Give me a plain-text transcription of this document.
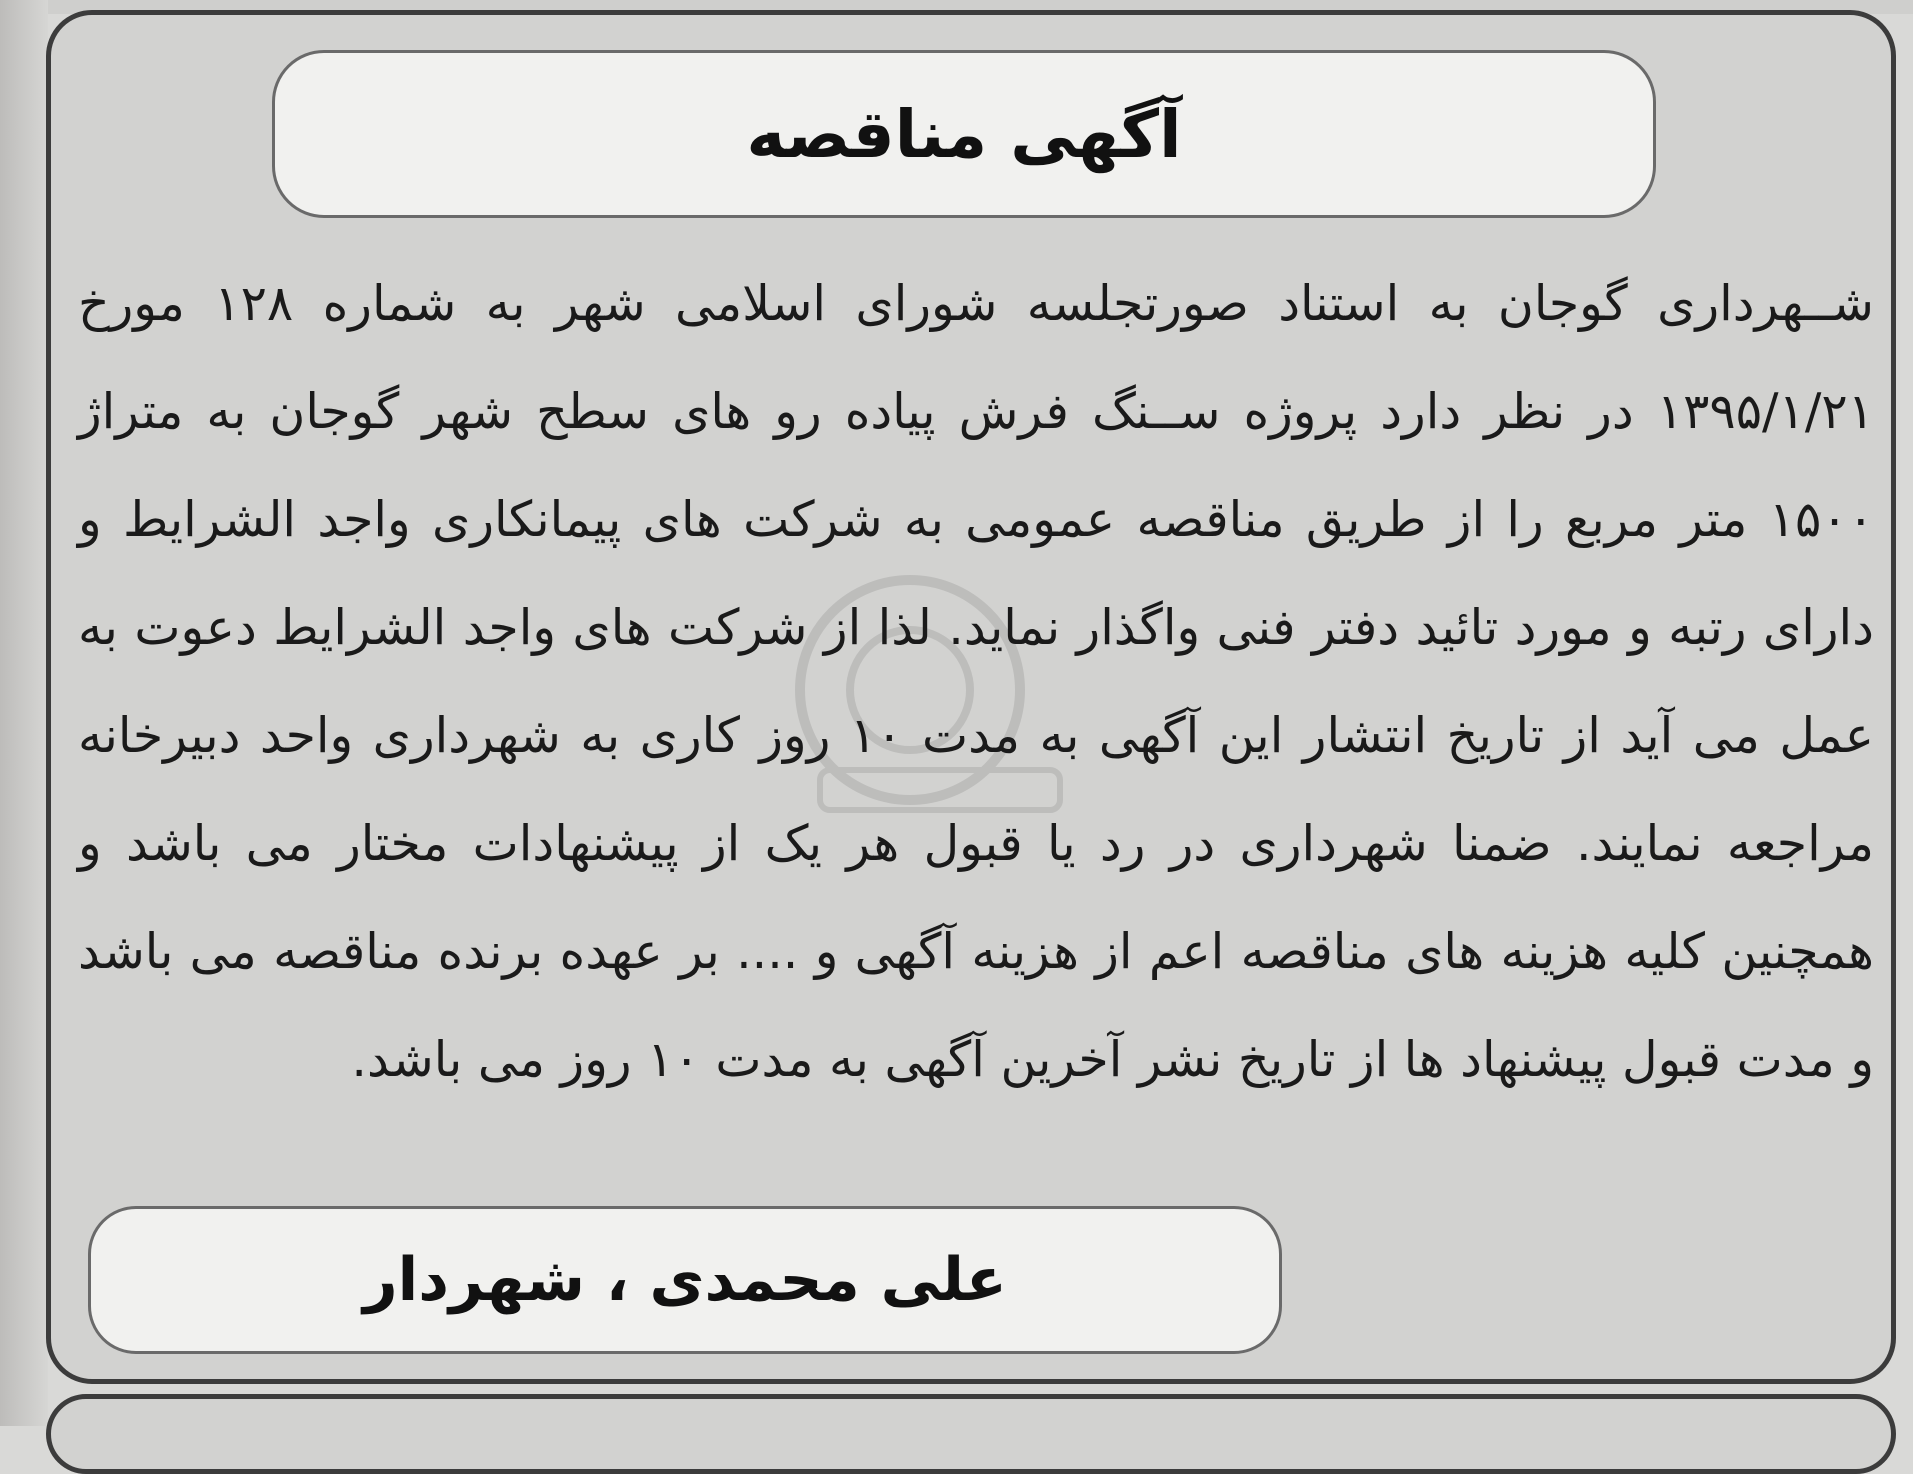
آگهی مناقصه
شــهرداری گوجان به استناد صورتجلسه شورای اسلامی شهر به شماره ۱۲۸ مورخ ۱۳۹۵/۱/۲۱ در نظر دارد پروژه ســنگ فرش پیاده رو های سطح شهر گوجان به متراژ ۱۵۰۰ متر مربع را از طریق مناقصه عمومی به شرکت های پیمانکاری واجد الشرایط و دارای رتبه و مورد تائید دفتر فنی واگذار نماید. لذا از شرکت های واجد الشرایط دعوت به عمل می آید از تاریخ انتشار این آگهی به مدت ۱۰ روز کاری به شهرداری واحد دبیرخانه مراجعه نمایند. ضمنا شهرداری در رد یا قبول هر یک از پیشنهادات مختار می باشد و همچنین کلیه هزینه های مناقصه اعم از هزینه آگهی و .... بر عهده برنده مناقصه می باشد و مدت قبول پیشنهاد ها از تاریخ نشر آخرین آگهی به مدت ۱۰ روز می باشد.
علی محمدی ، شهردار
